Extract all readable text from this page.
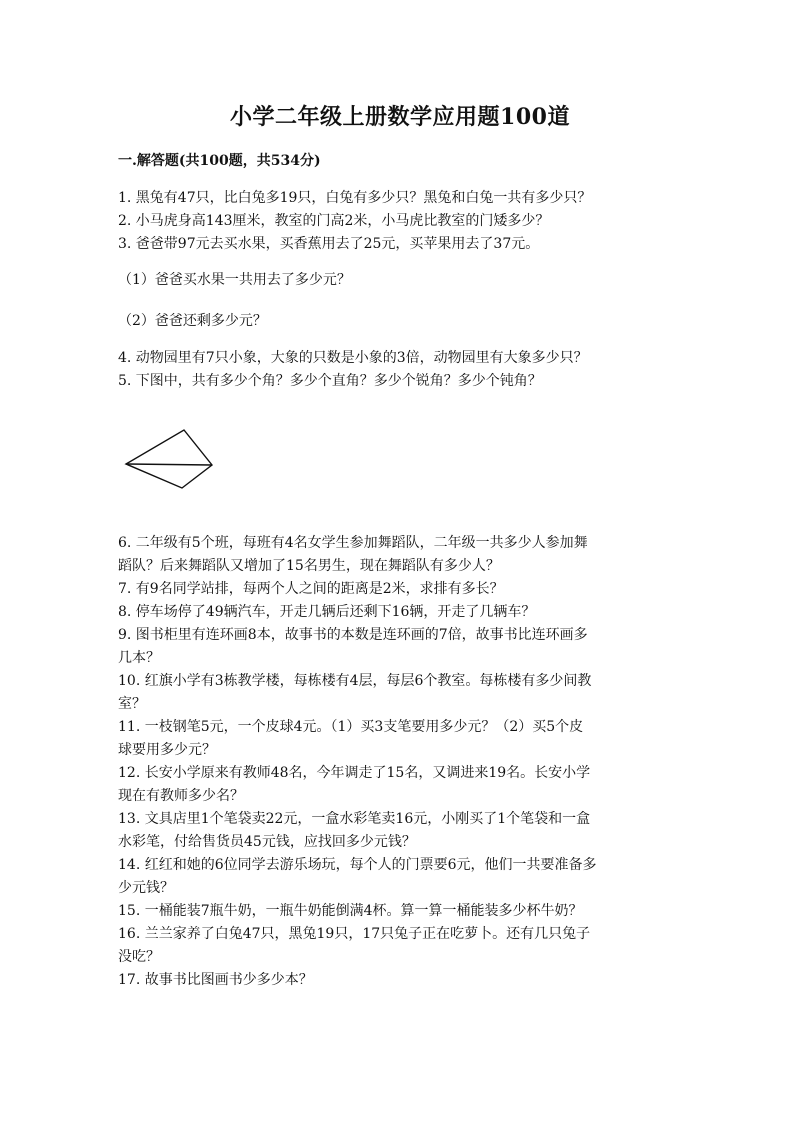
小学二年级上册数学应用题100道
一.解答题(共100题，共534分)
1. 黑兔有47只，比白兔多19只，白兔有多少只？黑兔和白兔一共有多少只？
2. 小马虎身高143厘米，教室的门高2米，小马虎比教室的门矮多少？
3. 爸爸带97元去买水果，买香蕉用去了25元，买苹果用去了37元。
（1）爸爸买水果一共用去了多少元？
（2）爸爸还剩多少元？
4. 动物园里有7只小象，大象的只数是小象的3倍，动物园里有大象多少只？
5. 下图中，共有多少个角？多少个直角？多少个锐角？多少个钝角？
6. 二年级有5个班，每班有4名女学生参加舞蹈队，二年级一共多少人参加舞
蹈队？后来舞蹈队又增加了15名男生，现在舞蹈队有多少人？
7. 有9名同学站排，每两个人之间的距离是2米，求排有多长？
8. 停车场停了49辆汽车，开走几辆后还剩下16辆，开走了几辆车？
9. 图书柜里有连环画8本，故事书的本数是连环画的7倍，故事书比连环画多
几本？
10. 红旗小学有3栋教学楼，每栋楼有4层，每层6个教室。每栋楼有多少间教
室？
11. 一枝钢笔5元，一个皮球4元。（1）买3支笔要用多少元？（2）买5个皮
球要用多少元？
12. 长安小学原来有教师48名，今年调走了15名，又调进来19名。长安小学
现在有教师多少名？
13. 文具店里1个笔袋卖22元，一盒水彩笔卖16元，小刚买了1个笔袋和一盒
水彩笔，付给售货员45元钱，应找回多少元钱？
14. 红红和她的6位同学去游乐场玩，每个人的门票要6元，他们一共要准备多
少元钱？
15. 一桶能装7瓶牛奶，一瓶牛奶能倒满4杯。算一算一桶能装多少杯牛奶？
16. 兰兰家养了白兔47只，黑兔19只，17只兔子正在吃萝卜。还有几只兔子
没吃？
17. 故事书比图画书少多少本？
